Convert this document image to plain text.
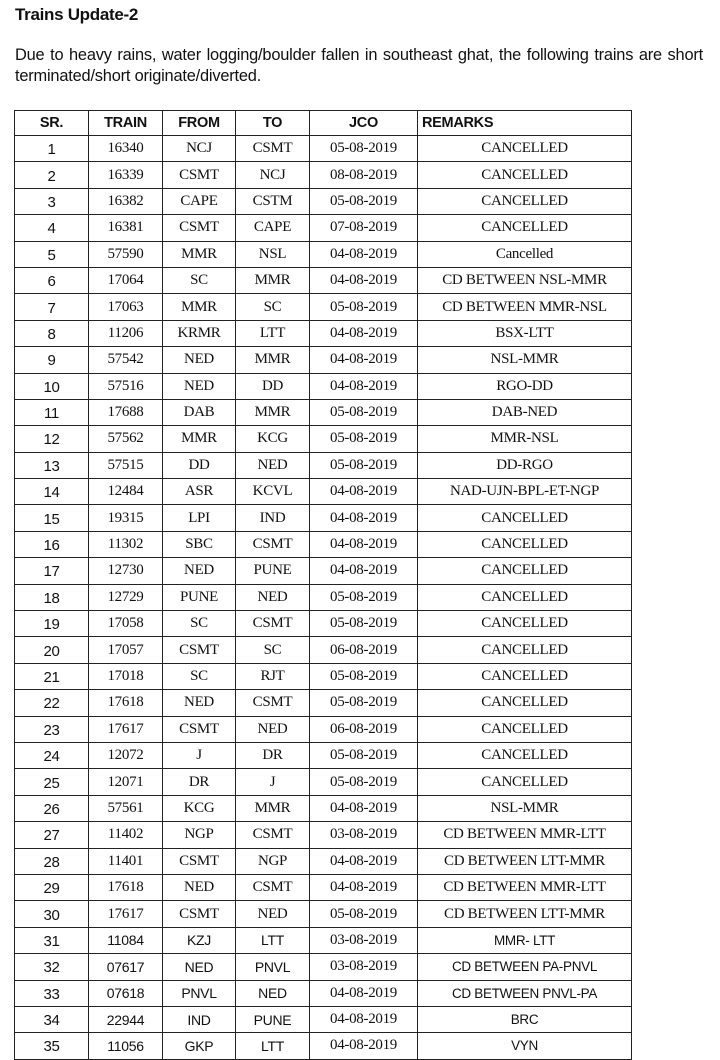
Trains Update-2
Due to heavy rains, water logging/boulder fallen in southeast ghat, the following trains are short terminated/short originate/diverted.
SR.	TRAIN	FROM	TO	JCO	REMARKS
1	16340	NCJ	CSMT	05-08-2019	CANCELLED
2	16339	CSMT	NCJ	08-08-2019	CANCELLED
3	16382	CAPE	CSTM	05-08-2019	CANCELLED
4	16381	CSMT	CAPE	07-08-2019	CANCELLED
5	57590	MMR	NSL	04-08-2019	Cancelled
6	17064	SC	MMR	04-08-2019	CD BETWEEN NSL-MMR
7	17063	MMR	SC	05-08-2019	CD BETWEEN MMR-NSL
8	11206	KRMR	LTT	04-08-2019	BSX-LTT
9	57542	NED	MMR	04-08-2019	NSL-MMR
10	57516	NED	DD	04-08-2019	RGO-DD
11	17688	DAB	MMR	05-08-2019	DAB-NED
12	57562	MMR	KCG	05-08-2019	MMR-NSL
13	57515	DD	NED	05-08-2019	DD-RGO
14	12484	ASR	KCVL	04-08-2019	NAD-UJN-BPL-ET-NGP
15	19315	LPI	IND	04-08-2019	CANCELLED
16	11302	SBC	CSMT	04-08-2019	CANCELLED
17	12730	NED	PUNE	04-08-2019	CANCELLED
18	12729	PUNE	NED	05-08-2019	CANCELLED
19	17058	SC	CSMT	05-08-2019	CANCELLED
20	17057	CSMT	SC	06-08-2019	CANCELLED
21	17018	SC	RJT	05-08-2019	CANCELLED
22	17618	NED	CSMT	05-08-2019	CANCELLED
23	17617	CSMT	NED	06-08-2019	CANCELLED
24	12072	J	DR	05-08-2019	CANCELLED
25	12071	DR	J	05-08-2019	CANCELLED
26	57561	KCG	MMR	04-08-2019	NSL-MMR
27	11402	NGP	CSMT	03-08-2019	CD BETWEEN MMR-LTT
28	11401	CSMT	NGP	04-08-2019	CD BETWEEN LTT-MMR
29	17618	NED	CSMT	04-08-2019	CD BETWEEN MMR-LTT
30	17617	CSMT	NED	05-08-2019	CD BETWEEN LTT-MMR
31	11084	KZJ	LTT	03-08-2019	MMR- LTT
32	07617	NED	PNVL	03-08-2019	CD BETWEEN PA-PNVL
33	07618	PNVL	NED	04-08-2019	CD BETWEEN PNVL-PA
34	22944	IND	PUNE	04-08-2019	BRC
35	11056	GKP	LTT	04-08-2019	VYN
